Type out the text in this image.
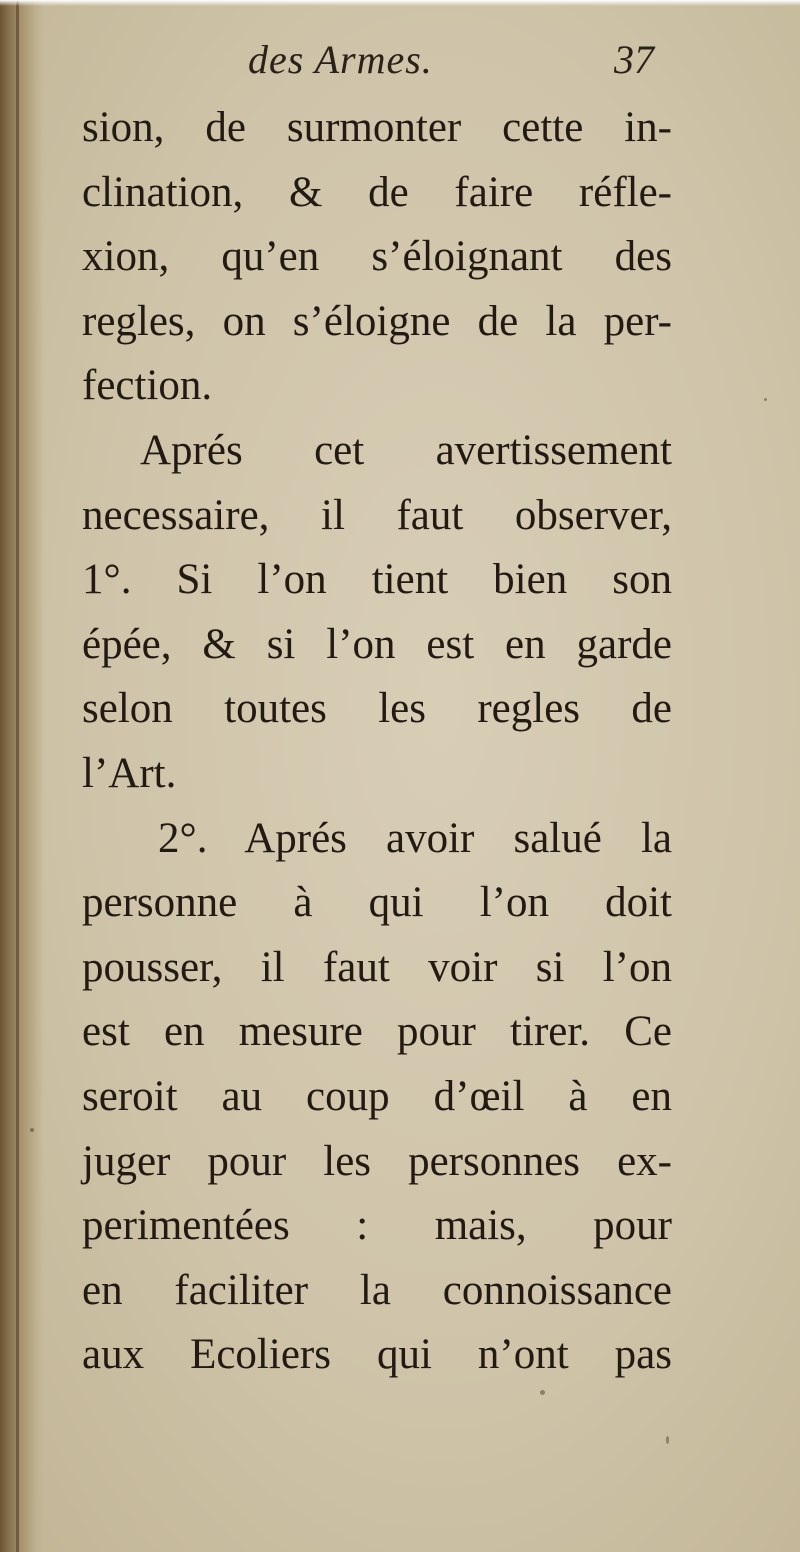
des Armes.	37
sion, de surmonter cette in-
clination, & de faire réfle-
xion, qu’en s’éloignant des
regles, on s’éloigne de la per-
fection.
Aprés cet avertissement
necessaire, il faut observer,
1°. Si l’on tient bien son
épée, & si l’on est en garde
selon toutes les regles de
l’Art.
2°. Aprés avoir salué la
personne à qui l’on doit
pousser, il faut voir si l’on
est en mesure pour tirer. Ce
seroit au coup d’œil à en
juger pour les personnes ex-
perimentées : mais, pour
en faciliter la connoissance
aux Ecoliers qui n’ont pas
